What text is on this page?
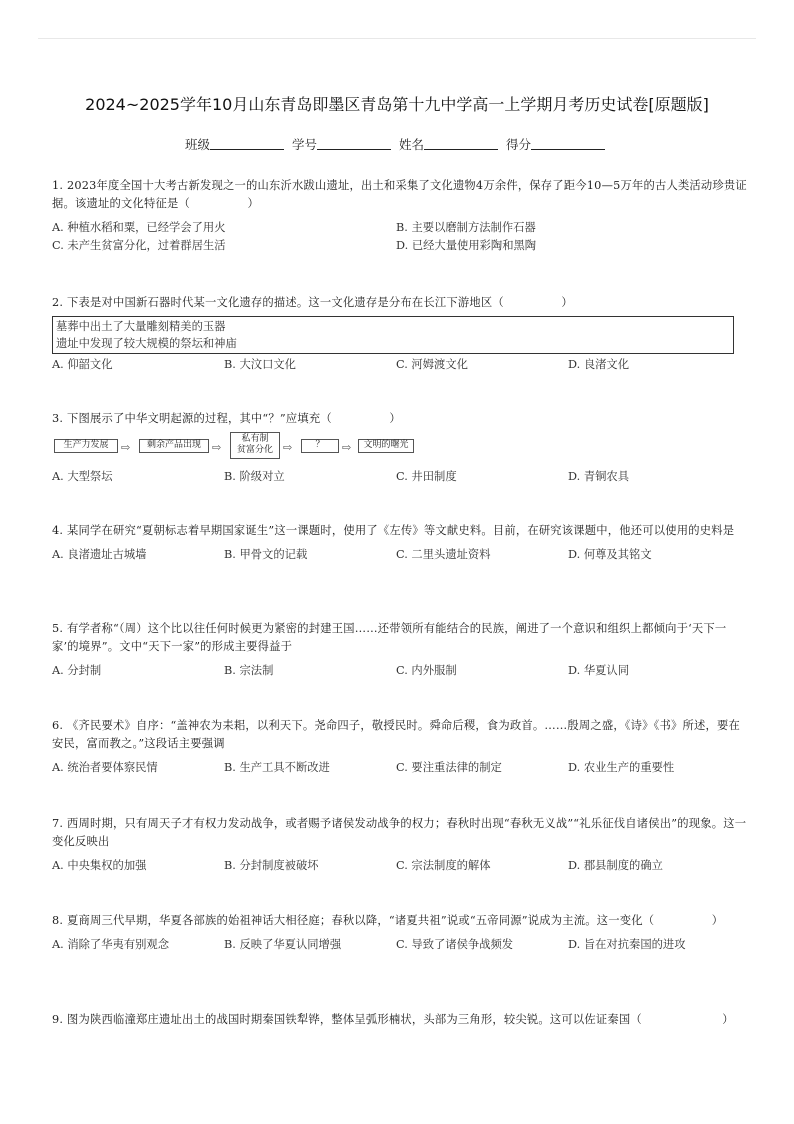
2024~2025学年10月山东青岛即墨区青岛第十九中学高一上学期月考历史试卷[原题版]
班级	学号	姓名	得分
1. 2023年度全国十大考古新发现之一的山东沂水跋山遗址，出土和采集了文化遗物4万余件，保存了距今10—5万年的古人类活动珍贵证据。该遗址的文化特征是（　　　　　）
A. 种植水稻和粟，已经学会了用火	B. 主要以磨制方法制作石器
C. 未产生贫富分化，过着群居生活	D. 已经大量使用彩陶和黑陶
2. 下表是对中国新石器时代某一文化遗存的描述。这一文化遗存是分布在长江下游地区（　　　　　）
墓葬中出土了大量雕刻精美的玉器
遗址中发现了较大规模的祭坛和神庙
A. 仰韶文化	B. 大汶口文化	C. 河姆渡文化	D. 良渚文化
3. 下图展示了中华文明起源的过程，其中“？”应填充（　　　　　）
生产力发展	⇨	剩余产品出现	⇨
私有制
贫富分化 ⇨	？	⇨	文明的曙光
A. 大型祭坛	B. 阶级对立	C. 井田制度	D. 青铜农具
4. 某同学在研究“夏朝标志着早期国家诞生”这一课题时，使用了《左传》等文献史料。目前，在研究该课题中，他还可以使用的史料是
A. 良渚遗址古城墙	B. 甲骨文的记载	C. 二里头遗址资料	D. 何尊及其铭文
5. 有学者称“（周）这个比以往任何时候更为紧密的封建王国……还带领所有能结合的民族，阐进了一个意识和组织上都倾向于‘天下一家’的境界”。文中“天下一家”的形成主要得益于
A. 分封制	B. 宗法制	C. 内外服制	D. 华夏认同
6. 《齐民要术》自序：“盖神农为耒耜，以利天下。尧命四子，敬授民时。舜命后稷，食为政首。……殷周之盛，《诗》《书》所述，要在安民，富而教之。”这段话主要强调
A. 统治者要体察民情	B. 生产工具不断改进	C. 要注重法律的制定	D. 农业生产的重要性
7. 西周时期，只有周天子才有权力发动战争，或者赐予诸侯发动战争的权力；春秋时出现“春秋无义战”“礼乐征伐自诸侯出”的现象。这一变化反映出
A. 中央集权的加强	B. 分封制度被破坏	C. 宗法制度的解体	D. 郡县制度的确立
8. 夏商周三代早期，华夏各部族的始祖神话大相径庭；春秋以降，“诸夏共祖”说或“五帝同源”说成为主流。这一变化（　　　　　）
A. 消除了华夷有别观念	B. 反映了华夏认同增强	C. 导致了诸侯争战频发	D. 旨在对抗秦国的进攻
9. 图为陕西临潼郑庄遗址出土的战国时期秦国铁犁铧，整体呈弧形楠状，头部为三角形，较尖锐。这可以佐证秦国（　　　　　　　）
